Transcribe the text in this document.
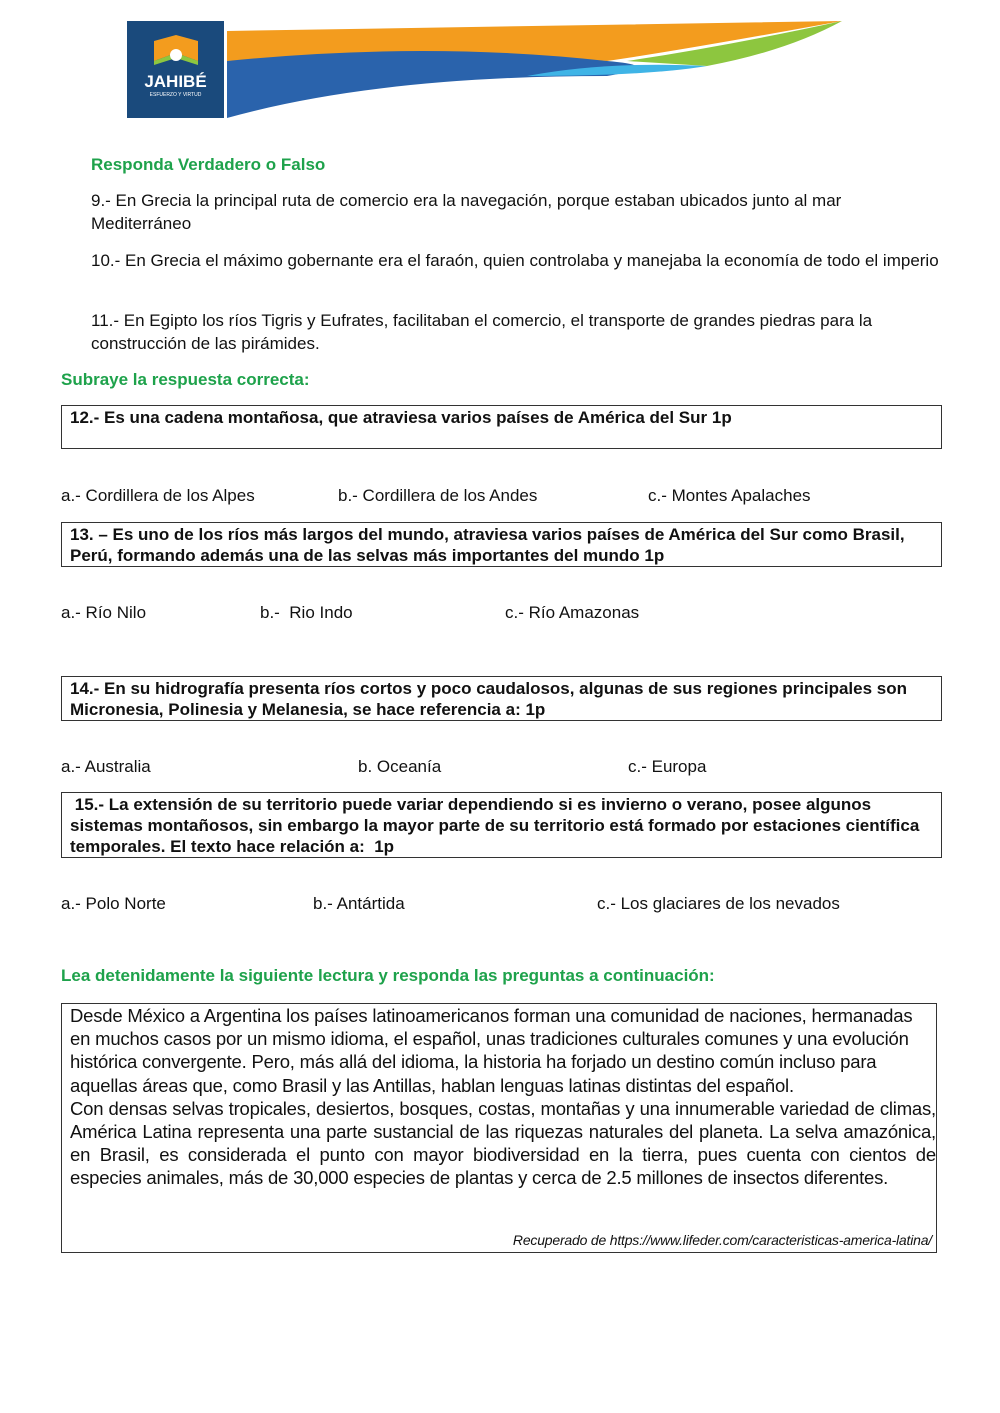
JAHIBÉ
ESFUERZO Y VIRTUD
Responda Verdadero o Falso
9.- En Grecia la principal ruta de comercio era la navegación, porque estaban ubicados junto al mar Mediterráneo
10.- En Grecia el máximo gobernante era el faraón, quien controlaba y manejaba la economía de todo el imperio
11.- En Egipto los ríos Tigris y Eufrates, facilitaban el comercio, el transporte de grandes piedras para la construcción de las pirámides.
Subraye la respuesta correcta:
12.- Es una cadena montañosa, que atraviesa varios países de América del Sur 1p
a.- Cordillera de los Alpes	b.- Cordillera de los Andes	c.- Montes Apalaches
13. – Es uno de los ríos más largos del mundo, atraviesa varios países de América del Sur como Brasil, Perú, formando además una de las selvas más importantes del mundo 1p
a.- Río Nilo	b.-  Rio Indo	c.- Río Amazonas
14.- En su hidrografía presenta ríos cortos y poco caudalosos, algunas de sus regiones principales son Micronesia, Polinesia y Melanesia, se hace referencia a: 1p
a.- Australia	b. Oceanía	c.- Europa
15.- La extensión de su territorio puede variar dependiendo si es invierno o verano, posee algunos sistemas montañosos, sin embargo la mayor parte de su territorio está formado por estaciones científica temporales. El texto hace relación a:  1p
a.- Polo Norte	b.- Antártida	c.- Los glaciares de los nevados
Lea detenidamente la siguiente lectura y responda las preguntas a continuación:

Desde México a Argentina los países latinoamericanos forman una comunidad de naciones, hermanadas en muchos casos por un mismo idioma, el español, unas tradiciones culturales comunes y una evolución histórica convergente. Pero, más allá del idioma, la historia ha forjado un destino común incluso para aquellas áreas que, como Brasil y las Antillas, hablan lenguas latinas distintas del español.

Con densas selvas tropicales, desiertos, bosques, costas, montañas y una innumerable variedad de climas, América Latina representa una parte sustancial de las riquezas naturales del planeta. La selva amazónica, en Brasil, es considerada el punto con mayor biodiversidad en la tierra, pues cuenta con cientos de especies animales, más de 30,000 especies de plantas y cerca de 2.5 millones de insectos diferentes.

Recuperado de https://www.lifeder.com/caracteristicas-america-latina/
